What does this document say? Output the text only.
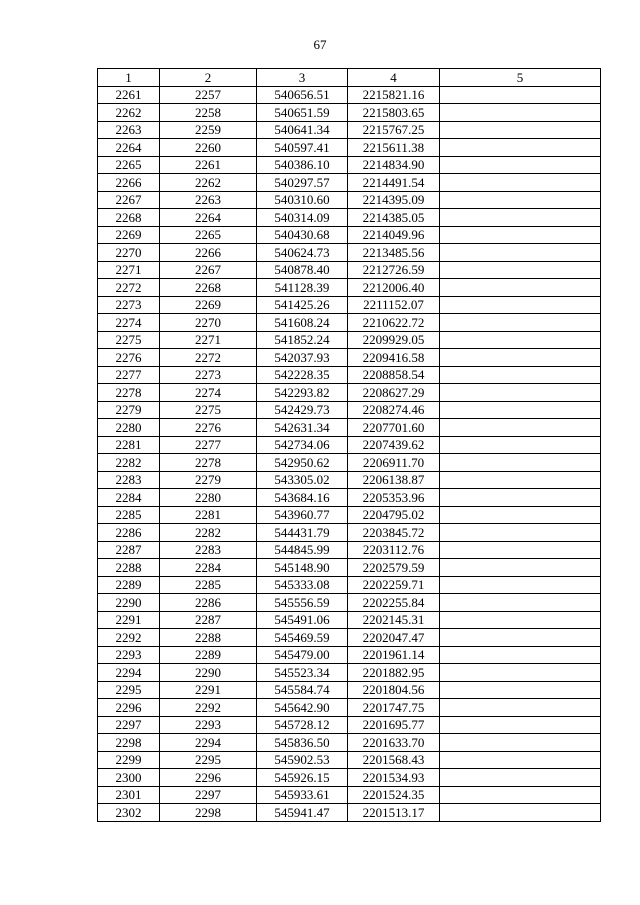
67
1	2	3	4	5
2261	2257	540656.51	2215821.16	
2262	2258	540651.59	2215803.65	
2263	2259	540641.34	2215767.25	
2264	2260	540597.41	2215611.38	
2265	2261	540386.10	2214834.90	
2266	2262	540297.57	2214491.54	
2267	2263	540310.60	2214395.09	
2268	2264	540314.09	2214385.05	
2269	2265	540430.68	2214049.96	
2270	2266	540624.73	2213485.56	
2271	2267	540878.40	2212726.59	
2272	2268	541128.39	2212006.40	
2273	2269	541425.26	2211152.07	
2274	2270	541608.24	2210622.72	
2275	2271	541852.24	2209929.05	
2276	2272	542037.93	2209416.58	
2277	2273	542228.35	2208858.54	
2278	2274	542293.82	2208627.29	
2279	2275	542429.73	2208274.46	
2280	2276	542631.34	2207701.60	
2281	2277	542734.06	2207439.62	
2282	2278	542950.62	2206911.70	
2283	2279	543305.02	2206138.87	
2284	2280	543684.16	2205353.96	
2285	2281	543960.77	2204795.02	
2286	2282	544431.79	2203845.72	
2287	2283	544845.99	2203112.76	
2288	2284	545148.90	2202579.59	
2289	2285	545333.08	2202259.71	
2290	2286	545556.59	2202255.84	
2291	2287	545491.06	2202145.31	
2292	2288	545469.59	2202047.47	
2293	2289	545479.00	2201961.14	
2294	2290	545523.34	2201882.95	
2295	2291	545584.74	2201804.56	
2296	2292	545642.90	2201747.75	
2297	2293	545728.12	2201695.77	
2298	2294	545836.50	2201633.70	
2299	2295	545902.53	2201568.43	
2300	2296	545926.15	2201534.93	
2301	2297	545933.61	2201524.35	
2302	2298	545941.47	2201513.17	
